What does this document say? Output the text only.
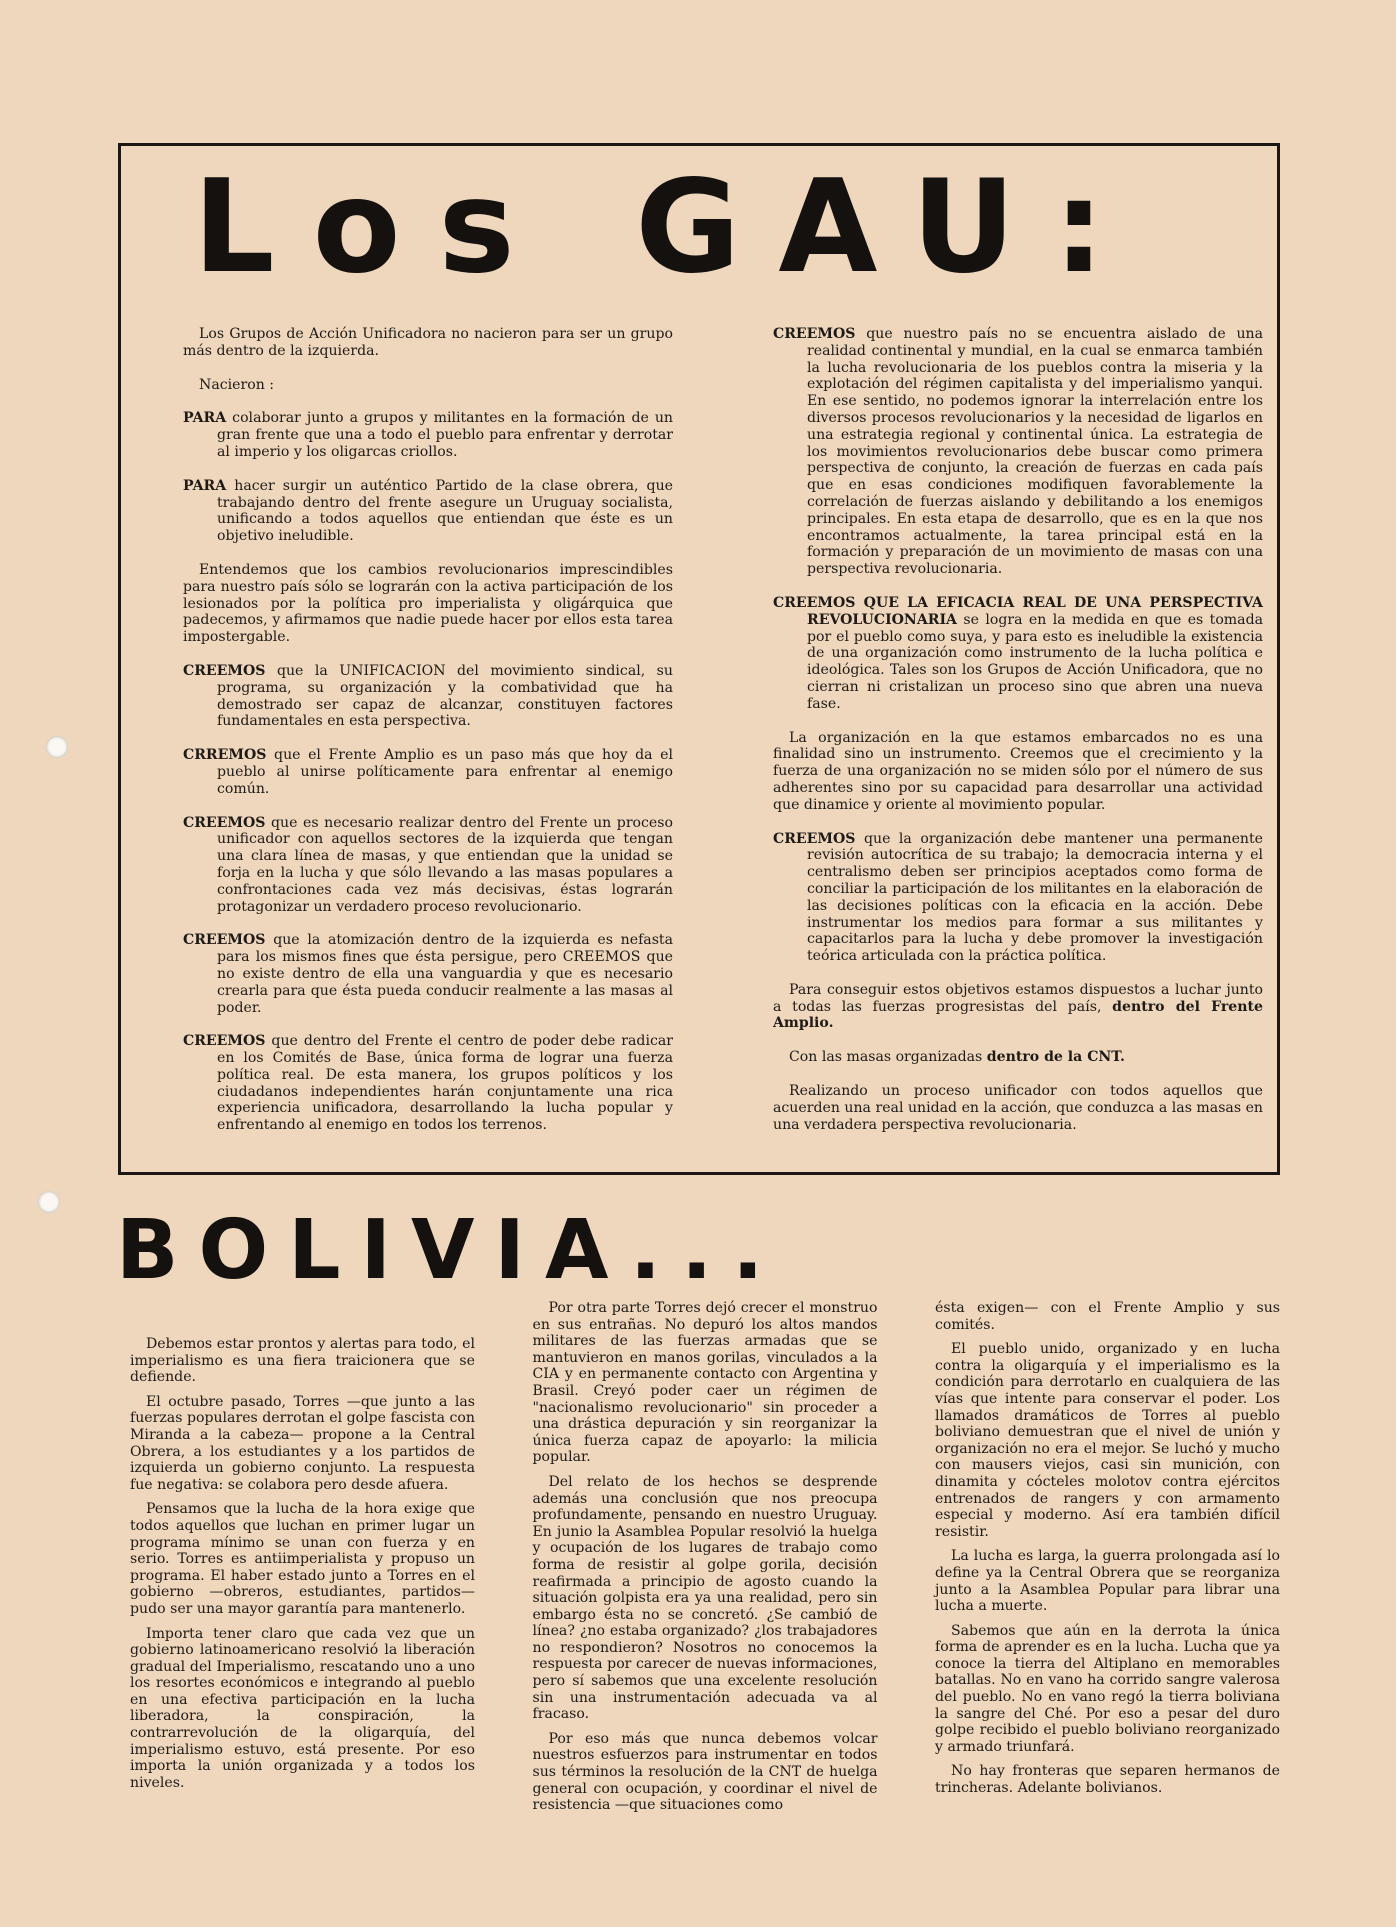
Los GAU:

Los Grupos de Acción Unificadora no nacieron para ser un grupo más dentro de la izquierda.

Nacieron :

PARA colaborar junto a grupos y militantes en la formación de un gran frente que una a todo el pueblo para enfrentar y derrotar al imperio y los oligarcas criollos.

PARA hacer surgir un auténtico Partido de la clase obrera, que trabajando dentro del frente asegure un Uruguay socialista, unificando a todos aquellos que entiendan que éste es un objetivo ineludible.

Entendemos que los cambios revolucionarios imprescindibles para nuestro país sólo se lograrán con la activa participación de los lesionados por la política pro imperialista y oligárquica que padecemos, y afirmamos que nadie puede hacer por ellos esta tarea impostergable.

CREEMOS que la UNIFICACION del movimiento sindical, su programa, su organización y la combatividad que ha demostrado ser capaz de alcanzar, constituyen factores fundamentales en esta perspectiva.

CRREMOS que el Frente Amplio es un paso más que hoy da el pueblo al unirse políticamente para enfrentar al enemigo común.

CREEMOS que es necesario realizar dentro del Frente un proceso unificador con aquellos sectores de la izquierda que tengan una clara línea de masas, y que entiendan que la unidad se forja en la lucha y que sólo llevando a las masas populares a confrontaciones cada vez más decisivas, éstas lograrán protagonizar un verdadero proceso revolucionario.

CREEMOS que la atomización dentro de la izquierda es nefasta para los mismos fines que ésta persigue, pero CREEMOS que no existe dentro de ella una vanguardia y que es necesario crearla para que ésta pueda conducir realmente a las masas al poder.

CREEMOS que dentro del Frente el centro de poder debe radicar en los Comités de Base, única forma de lograr una fuerza política real. De esta manera, los grupos políticos y los ciudadanos independientes harán conjuntamente una rica experiencia unificadora, desarrollando la lucha popular y enfrentando al enemigo en todos los terrenos.

CREEMOS que nuestro país no se encuentra aislado de una realidad continental y mundial, en la cual se enmarca también la lucha revolucionaria de los pueblos contra la miseria y la explotación del régimen capitalista y del imperialismo yanqui. En ese sentido, no podemos ignorar la interrelación entre los diversos procesos revolucionarios y la necesidad de ligarlos en una estrategia regional y continental única. La estrategia de los movimientos revolucionarios debe buscar como primera perspectiva de conjunto, la creación de fuerzas en cada país que en esas condiciones modifiquen favorablemente la correlación de fuerzas aislando y debilitando a los enemigos principales. En esta etapa de desarrollo, que es en la que nos encontramos actualmente, la tarea principal está en la formación y preparación de un movimiento de masas con una perspectiva revolucionaria.

CREEMOS QUE LA EFICACIA REAL DE UNA PERSPECTIVA REVOLUCIONARIA se logra en la medida en que es tomada por el pueblo como suya, y para esto es ineludible la existencia de una organización como instrumento de la lucha política e ideológica. Tales son los Grupos de Acción Unificadora, que no cierran ni cristalizan un proceso sino que abren una nueva fase.

La organización en la que estamos embarcados no es una finalidad sino un instrumento. Creemos que el crecimiento y la fuerza de una organización no se miden sólo por el número de sus adherentes sino por su capacidad para desarrollar una actividad que dinamice y oriente al movimiento popular.

CREEMOS que la organización debe mantener una permanente revisión autocrítica de su trabajo; la democracia interna y el centralismo deben ser principios aceptados como forma de conciliar la participación de los militantes en la elaboración de las decisiones políticas con la eficacia en la acción. Debe instrumentar los medios para formar a sus militantes y capacitarlos para la lucha y debe promover la investigación teórica articulada con la práctica política.

Para conseguir estos objetivos estamos dispuestos a luchar junto a todas las fuerzas progresistas del país, dentro del Frente Amplio.

Con las masas organizadas dentro de la CNT.

Realizando un proceso unificador con todos aquellos que acuerden una real unidad en la acción, que conduzca a las masas en una verdadera perspectiva revolucionaria.

BOLIVIA...

Debemos estar prontos y alertas para todo, el imperialismo es una fiera traicionera que se defiende.

El octubre pasado, Torres —que junto a las fuerzas populares derrotan el golpe fascista con Miranda a la cabeza— propone a la Central Obrera, a los estudiantes y a los partidos de izquierda un gobierno conjunto. La respuesta fue negativa: se colabora pero desde afuera.

Pensamos que la lucha de la hora exige que todos aquellos que luchan en primer lugar un programa mínimo se unan con fuerza y en serio. Torres es antiimperialista y propuso un programa. El haber estado junto a Torres en el gobierno —obreros, estudiantes, partidos— pudo ser una mayor garantía para mantenerlo.

Importa tener claro que cada vez que un gobierno latinoamericano resolvió la liberación gradual del Imperialismo, rescatando uno a uno los resortes económicos e integrando al pueblo en una efectiva participación en la lucha liberadora, la conspiración, la contrarrevolución de la oligarquía, del imperialismo estuvo, está presente. Por eso importa la unión organizada y a todos los niveles.

Por otra parte Torres dejó crecer el monstruo en sus entrañas. No depuró los altos mandos militares de las fuerzas armadas que se mantuvieron en manos gorilas, vinculados a la CIA y en permanente contacto con Argentina y Brasil. Creyó poder caer un régimen de "nacionalismo revolucionario" sin proceder a una drástica depuración y sin reorganizar la única fuerza capaz de apoyarlo: la milicia popular.

Del relato de los hechos se desprende además una conclusión que nos preocupa profundamente, pensando en nuestro Uruguay. En junio la Asamblea Popular resolvió la huelga y ocupación de los lugares de trabajo como forma de resistir al golpe gorila, decisión reafirmada a principio de agosto cuando la situación golpista era ya una realidad, pero sin embargo ésta no se concretó. ¿Se cambió de línea? ¿no estaba organizado? ¿los trabajadores no respondieron? Nosotros no conocemos la respuesta por carecer de nuevas informaciones, pero sí sabemos que una excelente resolución sin una instrumentación adecuada va al fracaso.

Por eso más que nunca debemos volcar nuestros esfuerzos para instrumentar en todos sus términos la resolución de la CNT de huelga general con ocupación, y coordinar el nivel de resistencia —que situaciones como

ésta exigen— con el Frente Amplio y sus comités.

El pueblo unido, organizado y en lucha contra la oligarquía y el imperialismo es la condición para derrotarlo en cualquiera de las vías que intente para conservar el poder. Los llamados dramáticos de Torres al pueblo boliviano demuestran que el nivel de unión y organización no era el mejor. Se luchó y mucho con mausers viejos, casi sin munición, con dinamita y cócteles molotov contra ejércitos entrenados de rangers y con armamento especial y moderno. Así era también difícil resistir.

La lucha es larga, la guerra prolongada así lo define ya la Central Obrera que se reorganiza junto a la Asamblea Popular para librar una lucha a muerte.

Sabemos que aún en la derrota la única forma de aprender es en la lucha. Lucha que ya conoce la tierra del Altiplano en memorables batallas. No en vano ha corrido sangre valerosa del pueblo. No en vano regó la tierra boliviana la sangre del Ché. Por eso a pesar del duro golpe recibido el pueblo boliviano reorganizado y armado triunfará.

No hay fronteras que separen hermanos de trincheras. Adelante bolivianos.
